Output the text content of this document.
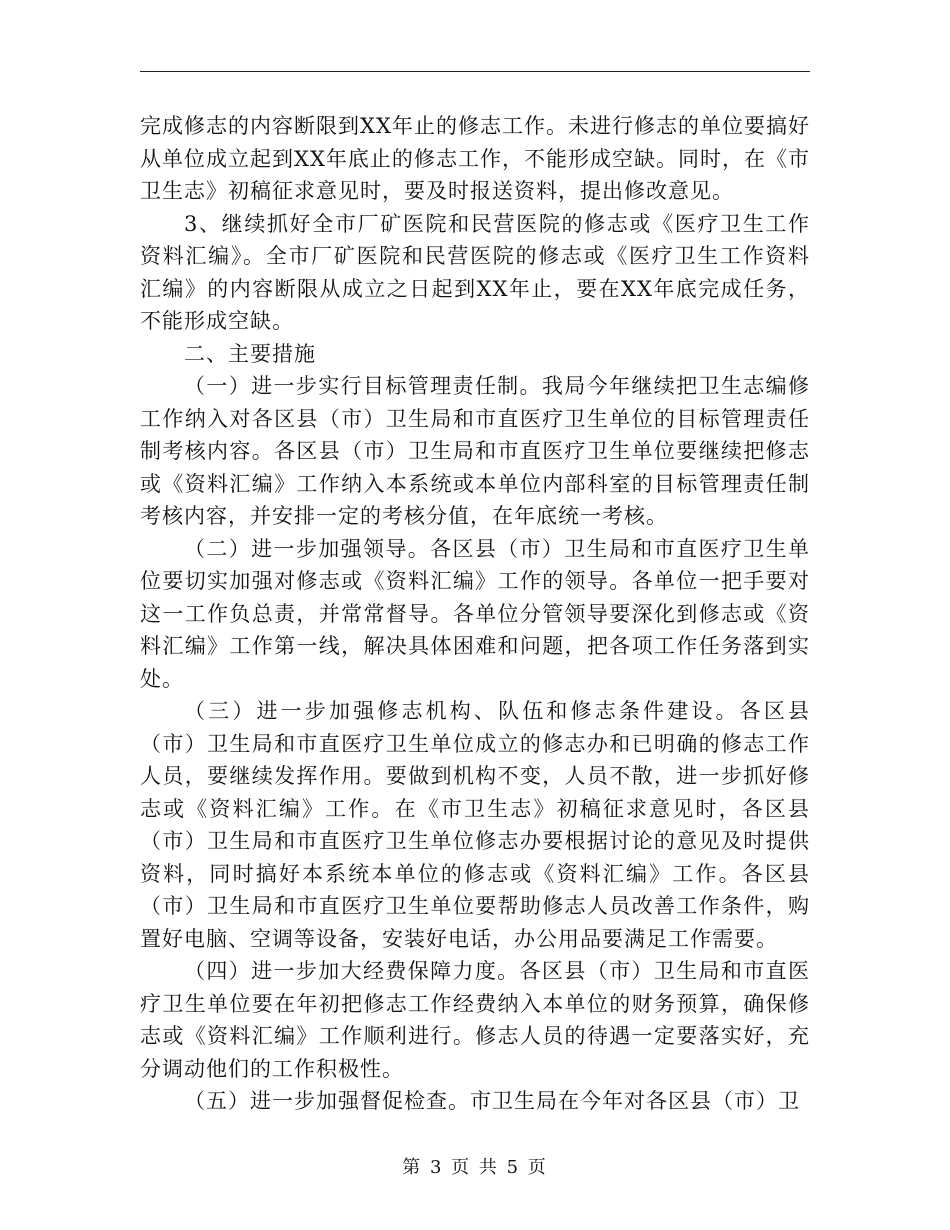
完成修志的内容断限到XX年止的修志工作。未进行修志的单位要搞好从单位成立起到XX年底止的修志工作，不能形成空缺。同时，在《市卫生志》初稿征求意见时，要及时报送资料，提出修改意见。

3、继续抓好全市厂矿医院和民营医院的修志或《医疗卫生工作资料汇编》。全市厂矿医院和民营医院的修志或《医疗卫生工作资料汇编》的内容断限从成立之日起到XX年止，要在XX年底完成任务，不能形成空缺。

二、主要措施

（一）进一步实行目标管理责任制。我局今年继续把卫生志编修工作纳入对各区县（市）卫生局和市直医疗卫生单位的目标管理责任制考核内容。各区县（市）卫生局和市直医疗卫生单位要继续把修志或《资料汇编》工作纳入本系统或本单位内部科室的目标管理责任制考核内容，并安排一定的考核分值，在年底统一考核。

（二）进一步加强领导。各区县（市）卫生局和市直医疗卫生单位要切实加强对修志或《资料汇编》工作的领导。各单位一把手要对这一工作负总责，并常常督导。各单位分管领导要深化到修志或《资料汇编》工作第一线，解决具体困难和问题，把各项工作任务落到实处。

（三）进一步加强修志机构、队伍和修志条件建设。各区县（市）卫生局和市直医疗卫生单位成立的修志办和已明确的修志工作人员，要继续发挥作用。要做到机构不变，人员不散，进一步抓好修志或《资料汇编》工作。在《市卫生志》初稿征求意见时，各区县（市）卫生局和市直医疗卫生单位修志办要根据讨论的意见及时提供资料，同时搞好本系统本单位的修志或《资料汇编》工作。各区县（市）卫生局和市直医疗卫生单位要帮助修志人员改善工作条件，购置好电脑、空调等设备，安装好电话，办公用品要满足工作需要。

（四）进一步加大经费保障力度。各区县（市）卫生局和市直医疗卫生单位要在年初把修志工作经费纳入本单位的财务预算，确保修志或《资料汇编》工作顺利进行。修志人员的待遇一定要落实好，充分调动他们的工作积极性。

（五）进一步加强督促检查。市卫生局在今年对各区县（市）卫

第 3 页 共 5 页
